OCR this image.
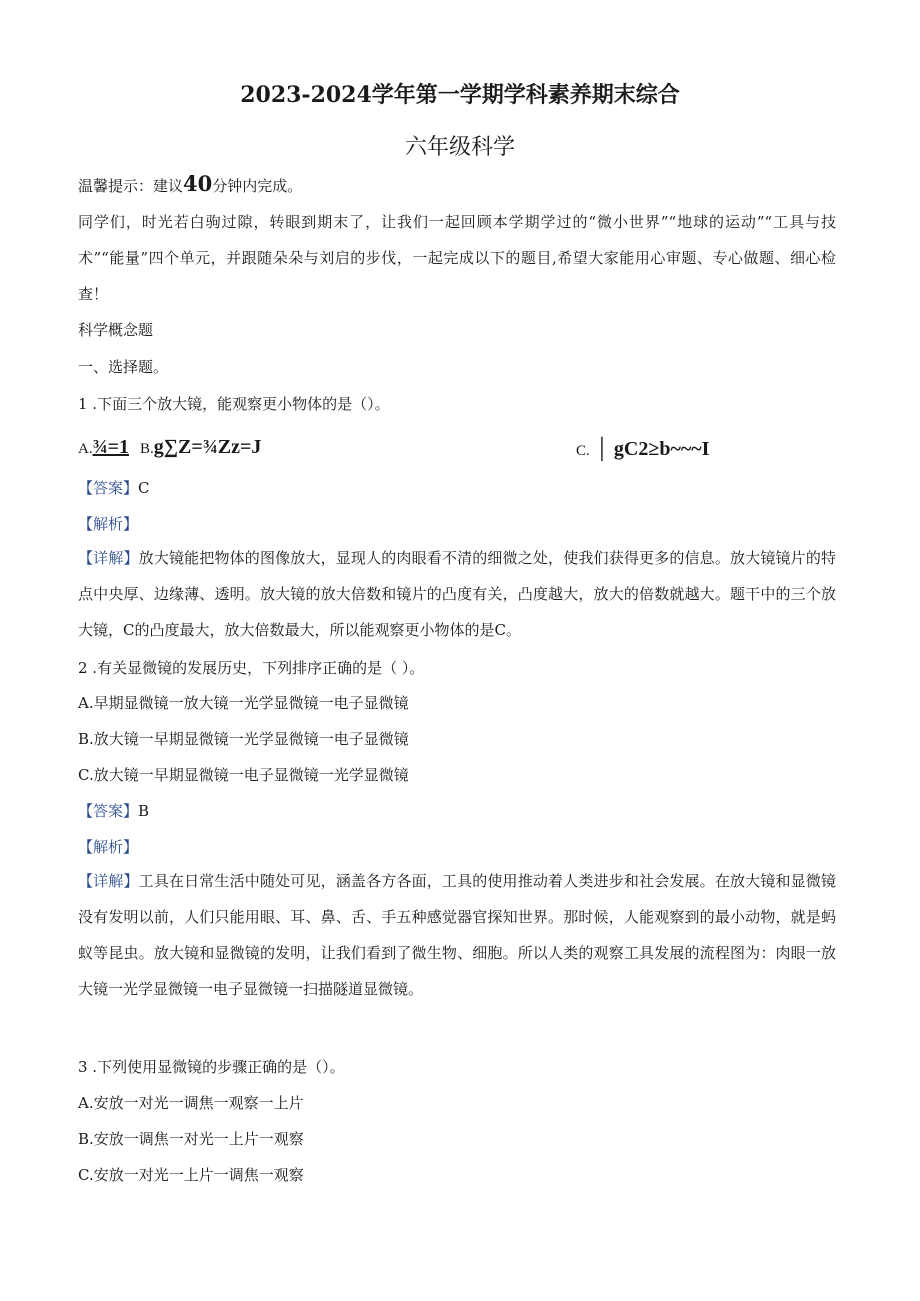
2023-2024学年第一学期学科素养期末综合
六年级科学
温馨提示：建议40分钟内完成。
同学们，时光若白驹过隙，转眼到期末了，让我们一起回顾本学期学过的“微小世界”“地球的运动”“工具与技术”“能量”四个单元，并跟随朵朵与刘启的步伐，一起完成以下的题目,希望大家能用心审题、专心做题、细心检查！
科学概念题
一、选择题。
1 .下面三个放大镜，能观察更小物体的是（）。
A.¾=1 B.g∑Z=¾Zz=J	C. │ gC2≥b~~~I
【答案】C
【解析】
【详解】放大镜能把物体的图像放大，显现人的肉眼看不清的细微之处，使我们获得更多的信息。放大镜镜片的特点中央厚、边缘薄、透明。放大镜的放大倍数和镜片的凸度有关，凸度越大，放大的倍数就越大。题干中的三个放大镜，C的凸度最大，放大倍数最大，所以能观察更小物体的是C。
2 .有关显微镜的发展历史，下列排序正确的是（ ）。
A.早期显微镜一放大镜一光学显微镜一电子显微镜
B.放大镜一早期显微镜一光学显微镜一电子显微镜
C.放大镜一早期显微镜一电子显微镜一光学显微镜
【答案】B
【解析】
【详解】工具在日常生活中随处可见，涵盖各方各面，工具的使用推动着人类进步和社会发展。在放大镜和显微镜没有发明以前，人们只能用眼、耳、鼻、舌、手五种感觉器官探知世界。那时候，人能观察到的最小动物，就是蚂蚁等昆虫。放大镜和显微镜的发明，让我们看到了微生物、细胞。所以人类的观察工具发展的流程图为：肉眼一放大镜一光学显微镜一电子显微镜一扫描隧道显微镜。
3 .下列使用显微镜的步骤正确的是（）。
A.安放一对光一调焦一观察一上片
B.安放一调焦一对光一上片一观察
C.安放一对光一上片一调焦一观察
